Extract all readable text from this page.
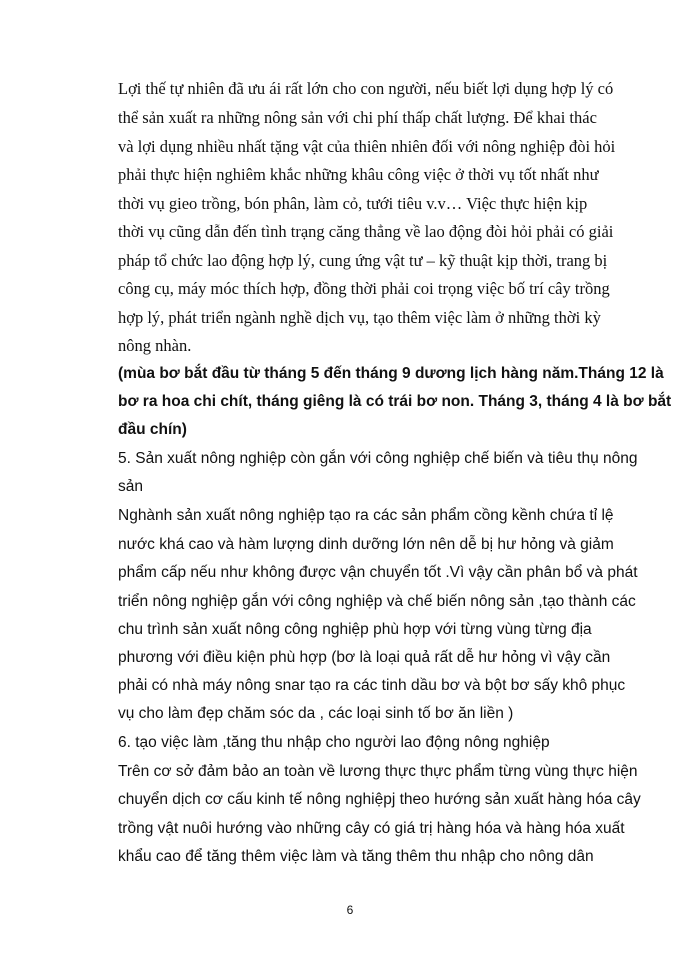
Lợi thế tự nhiên đã ưu ái rất lớn cho con người, nếu biết lợi dụng hợp lý có
thể sản xuất ra những nông sản với chi phí thấp chất lượng. Để khai thác
và lợi dụng nhiều nhất tặng vật của thiên nhiên đối với nông nghiệp đòi hỏi
phải thực hiện nghiêm khắc những khâu công việc ở thời vụ tốt nhất như
thời vụ gieo trồng, bón phân, làm cỏ, tưới tiêu v.v… Việc thực hiện kịp
thời vụ cũng dẫn đến tình trạng căng thẳng về lao động đòi hỏi phải có giải
pháp tổ chức lao động hợp lý, cung ứng vật tư – kỹ thuật kịp thời, trang bị
công cụ, máy móc thích hợp, đồng thời phải coi trọng việc bố trí cây trồng
hợp lý, phát triển ngành nghề dịch vụ, tạo thêm việc làm ở những thời kỳ
nông nhàn.
(mùa bơ bắt đầu từ tháng 5 đến tháng 9 dương lịch hàng năm.Tháng 12 là
bơ ra hoa chi chít, tháng giêng là có trái bơ non. Tháng 3, tháng 4 là bơ bắt
đầu chín)
5. Sản xuất nông nghiệp còn gắn với công nghiệp chế biến và tiêu thụ nông
sản
Nghành sản xuất nông nghiệp tạo ra các sản phẩm cồng kềnh chứa tỉ lệ
nước khá cao và hàm lượng dinh dưỡng lớn nên dễ bị hư hỏng và giảm
phẩm cấp nếu như không được vận chuyển tốt .Vì vậy cần phân bổ và phát
triển nông nghiệp gắn với công nghiệp và chế biến nông sản ,tạo thành các
chu trình sản xuất nông công nghiệp phù hợp với từng vùng từng địa
phương với điều kiện phù hợp (bơ là loại quả rất dễ hư hỏng vì vậy cần
phải có nhà máy nông snar tạo ra các tinh dầu bơ và bột bơ sấy khô phục
vụ cho làm đẹp chăm sóc da , các loại sinh tố bơ ăn liền )
6. tạo việc làm ,tăng thu nhập cho người lao động nông nghiệp
Trên cơ sở đảm bảo an toàn về lương thực thực phẩm từng vùng thực hiện
chuyển dịch cơ cấu kinh tế nông nghiệpj theo hướng sản xuất hàng hóa cây
trồng vật nuôi hướng vào những cây có giá trị hàng hóa và hàng hóa xuất
khẩu cao để tăng thêm việc làm và tăng thêm thu nhập cho nông dân
6
